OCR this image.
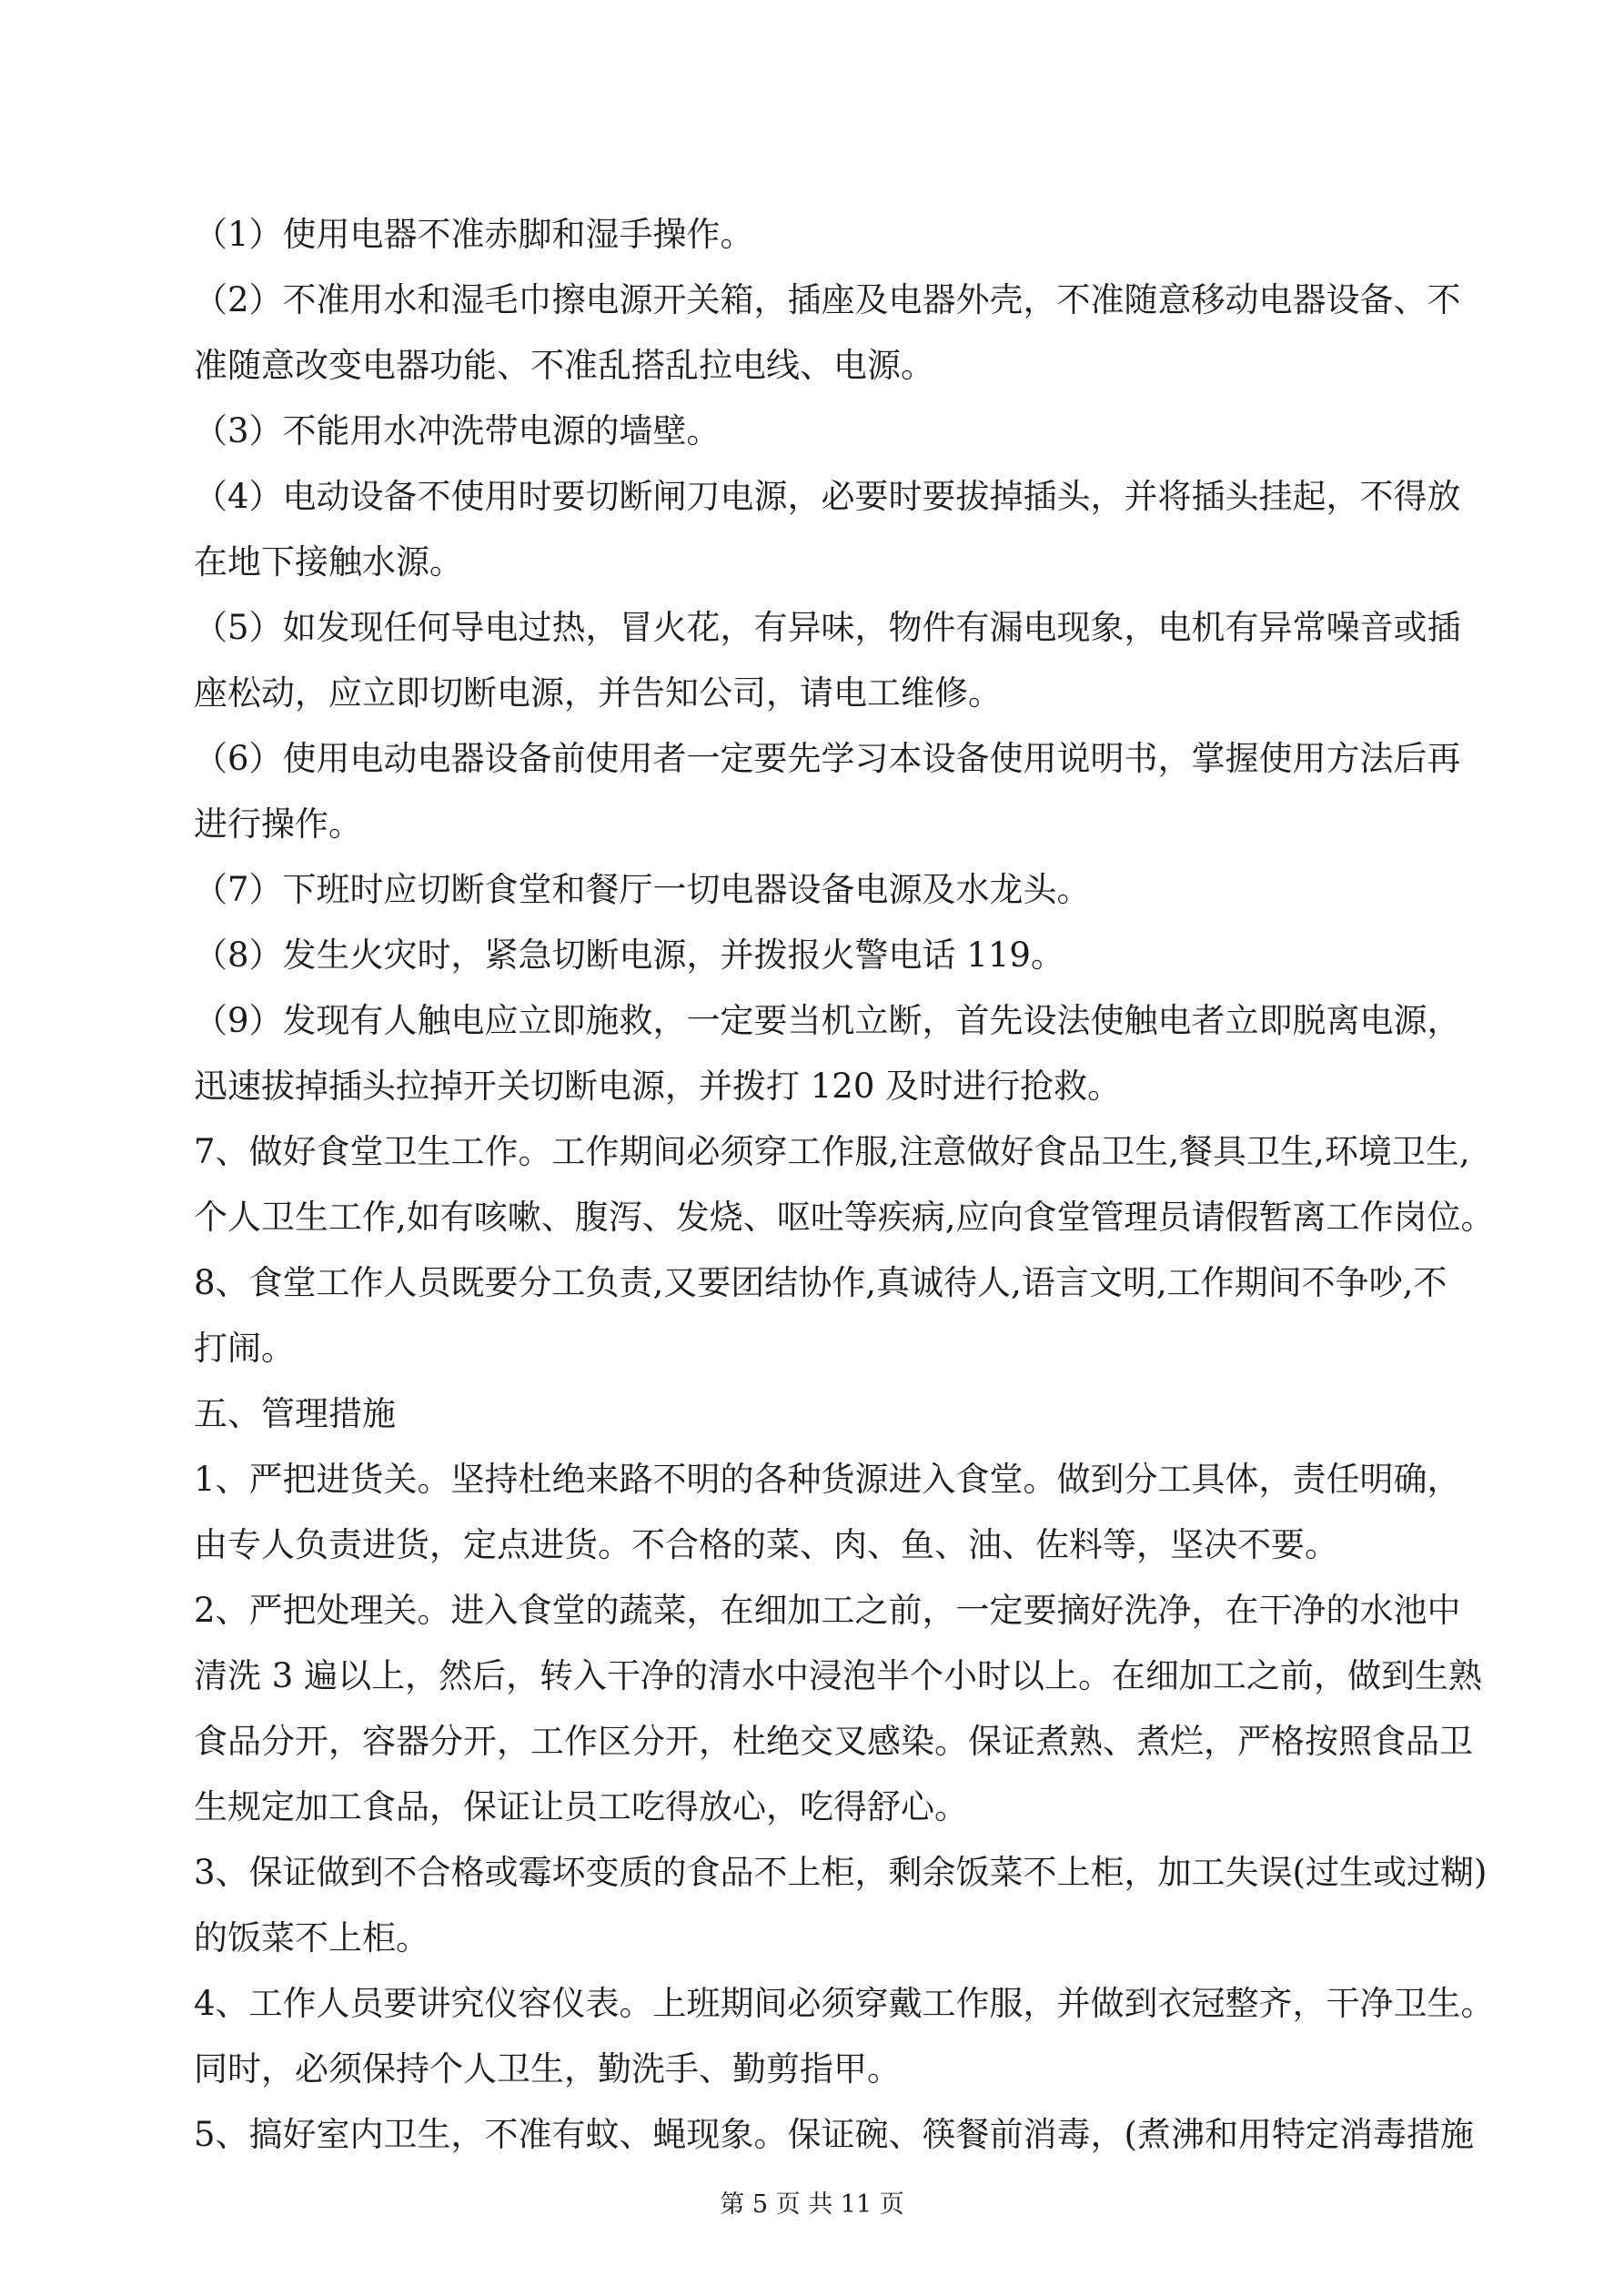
（1）使用电器不准赤脚和湿手操作。
（2）不准用水和湿毛巾擦电源开关箱，插座及电器外壳，不准随意移动电器设备、不
准随意改变电器功能、不准乱搭乱拉电线、电源。
（3）不能用水冲洗带电源的墙壁。
（4）电动设备不使用时要切断闸刀电源，必要时要拔掉插头，并将插头挂起，不得放
在地下接触水源。
（5）如发现任何导电过热，冒火花，有异味，物件有漏电现象，电机有异常噪音或插
座松动，应立即切断电源，并告知公司，请电工维修。
（6）使用电动电器设备前使用者一定要先学习本设备使用说明书，掌握使用方法后再
进行操作。
（7）下班时应切断食堂和餐厅一切电器设备电源及水龙头。
（8）发生火灾时，紧急切断电源，并拨报火警电话 119。
（9）发现有人触电应立即施救，一定要当机立断，首先设法使触电者立即脱离电源，
迅速拔掉插头拉掉开关切断电源，并拨打 120 及时进行抢救。
7、做好食堂卫生工作。工作期间必须穿工作服,注意做好食品卫生,餐具卫生,环境卫生,
个人卫生工作,如有咳嗽、腹泻、发烧、呕吐等疾病,应向食堂管理员请假暂离工作岗位。
8、食堂工作人员既要分工负责,又要团结协作,真诚待人,语言文明,工作期间不争吵,不
打闹。
五、管理措施
1、严把进货关。坚持杜绝来路不明的各种货源进入食堂。做到分工具体，责任明确，
由专人负责进货，定点进货。不合格的菜、肉、鱼、油、佐料等，坚决不要。
2、严把处理关。进入食堂的蔬菜，在细加工之前，一定要摘好洗净，在干净的水池中
清洗 3 遍以上，然后，转入干净的清水中浸泡半个小时以上。在细加工之前，做到生熟
食品分开，容器分开，工作区分开，杜绝交叉感染。保证煮熟、煮烂，严格按照食品卫
生规定加工食品，保证让员工吃得放心，吃得舒心。
3、保证做到不合格或霉坏变质的食品不上柜，剩余饭菜不上柜，加工失误(过生或过糊)
的饭菜不上柜。
4、工作人员要讲究仪容仪表。上班期间必须穿戴工作服，并做到衣冠整齐，干净卫生。
同时，必须保持个人卫生，勤洗手、勤剪指甲。
5、搞好室内卫生，不准有蚊、蝇现象。保证碗、筷餐前消毒，(煮沸和用特定消毒措施
第 5 页 共 11 页
